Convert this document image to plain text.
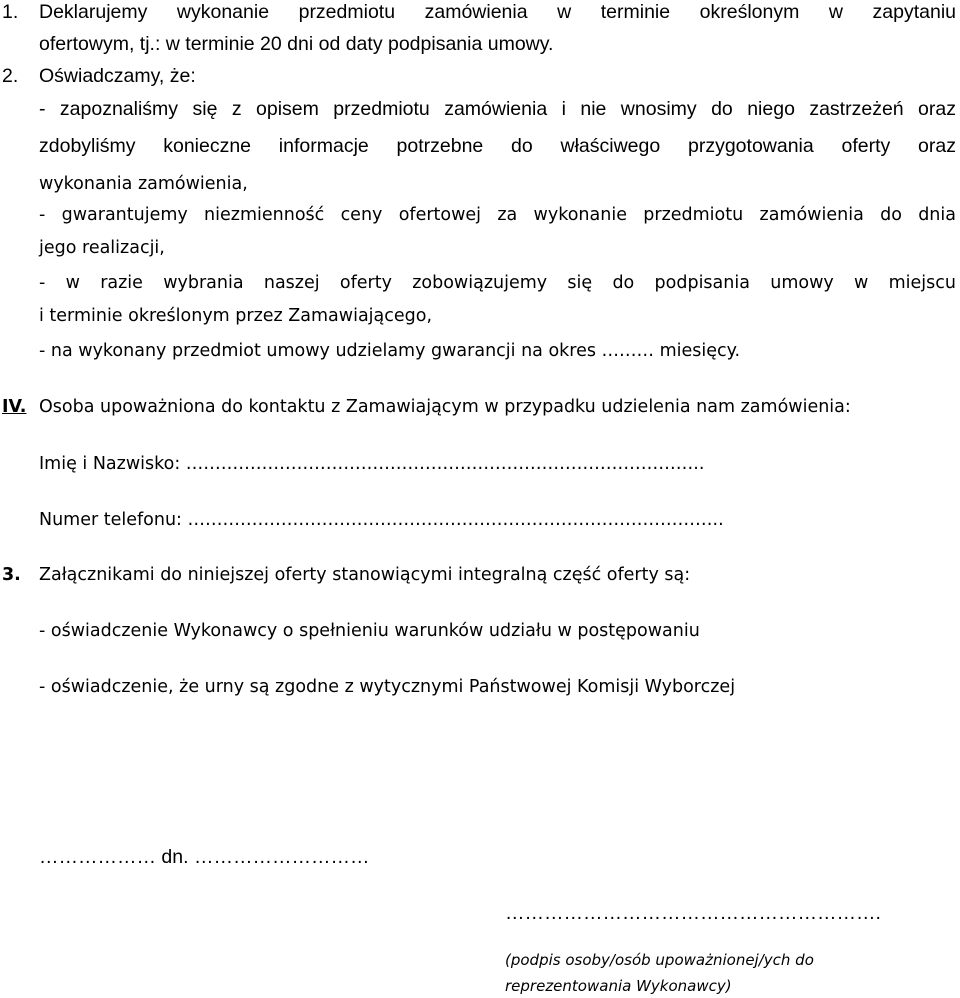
1.	Deklarujemy wykonanie przedmiotu zamówienia w terminie określonym w zapytaniu
ofertowym, tj.: w terminie 20 dni od daty podpisania umowy.
2. Oświadczamy, że:
- zapoznaliśmy się z opisem przedmiotu zamówienia i nie wnosimy do niego zastrzeżeń oraz
zdobyliśmy konieczne informacje potrzebne do właściwego przygotowania oferty oraz
wykonania zamówienia,
- gwarantujemy niezmienność ceny ofertowej za wykonanie przedmiotu zamówienia do dnia
jego realizacji,
- w razie wybrania naszej oferty zobowiązujemy się do podpisania umowy w miejscu
i terminie określonym przez Zamawiającego,
- na wykonany przedmiot umowy udzielamy gwarancji na okres ……… miesięcy.
IV. Osoba upoważniona do kontaktu z Zamawiającym w przypadku udzielenia nam zamówienia:
Imię i Nazwisko: ……………………………………………………………………………..
Numer telefonu: ………………………………………………………………………………..
3. Załącznikami do niniejszej oferty stanowiącymi integralną część oferty są:
- oświadczenie Wykonawcy o spełnieniu warunków udziału w postępowaniu
- oświadczenie, że urny są zgodne z wytycznymi Państwowej Komisji Wyborczej
……………… dn. ………………………
………………………………………………….
(podpis osoby/osób upoważnionej/ych do
reprezentowania Wykonawcy)
